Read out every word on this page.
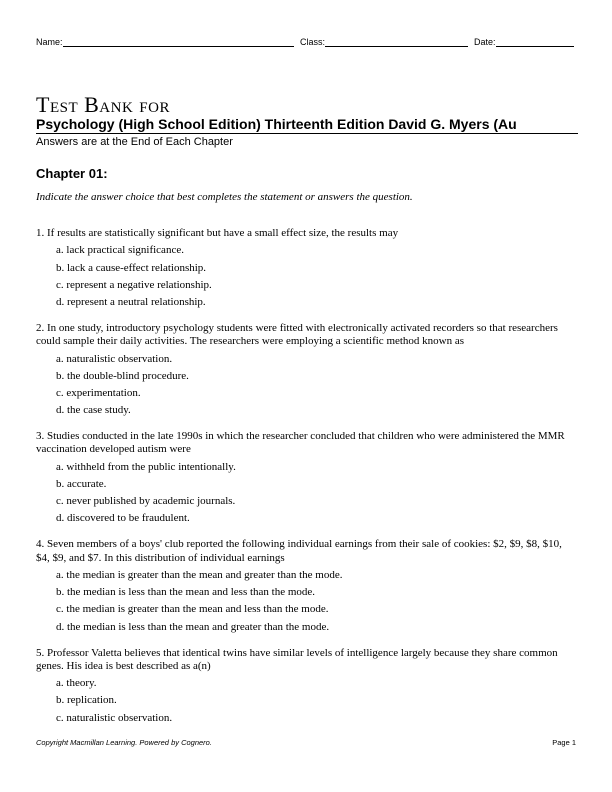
Name:	Class:	Date:
Test Bank for
Psychology (High School Edition) Thirteenth Edition David G. Myers (Au
Answers are at the End of Each Chapter
Chapter 01:
Indicate the answer choice that best completes the statement or answers the question.

1. If results are statistically significant but have a small effect size, the results may

a. lack practical significance.
b. lack a cause-effect relationship.
c. represent a negative relationship.
d. represent a neutral relationship.

2. In one study, introductory psychology students were fitted with electronically activated recorders so that researchers could sample their daily activities. The researchers were employing a scientific method known as

a. naturalistic observation.
b. the double-blind procedure.
c. experimentation.
d. the case study.

3. Studies conducted in the late 1990s in which the researcher concluded that children who were administered the MMR vaccination developed autism were

a. withheld from the public intentionally.
b. accurate.
c. never published by academic journals.
d. discovered to be fraudulent.

4. Seven members of a boys' club reported the following individual earnings from their sale of cookies: $2, $9, $8, $10, $4, $9, and $7. In this distribution of individual earnings

a. the median is greater than the mean and greater than the mode.
b. the median is less than the mean and less than the mode.
c. the median is greater than the mean and less than the mode.
d. the median is less than the mean and greater than the mode.

5. Professor Valetta believes that identical twins have similar levels of intelligence largely because they share common genes. His idea is best described as a(n)

a. theory.
b. replication.
c. naturalistic observation.
Copyright Macmillan Learning. Powered by Cognero.	Page 1
